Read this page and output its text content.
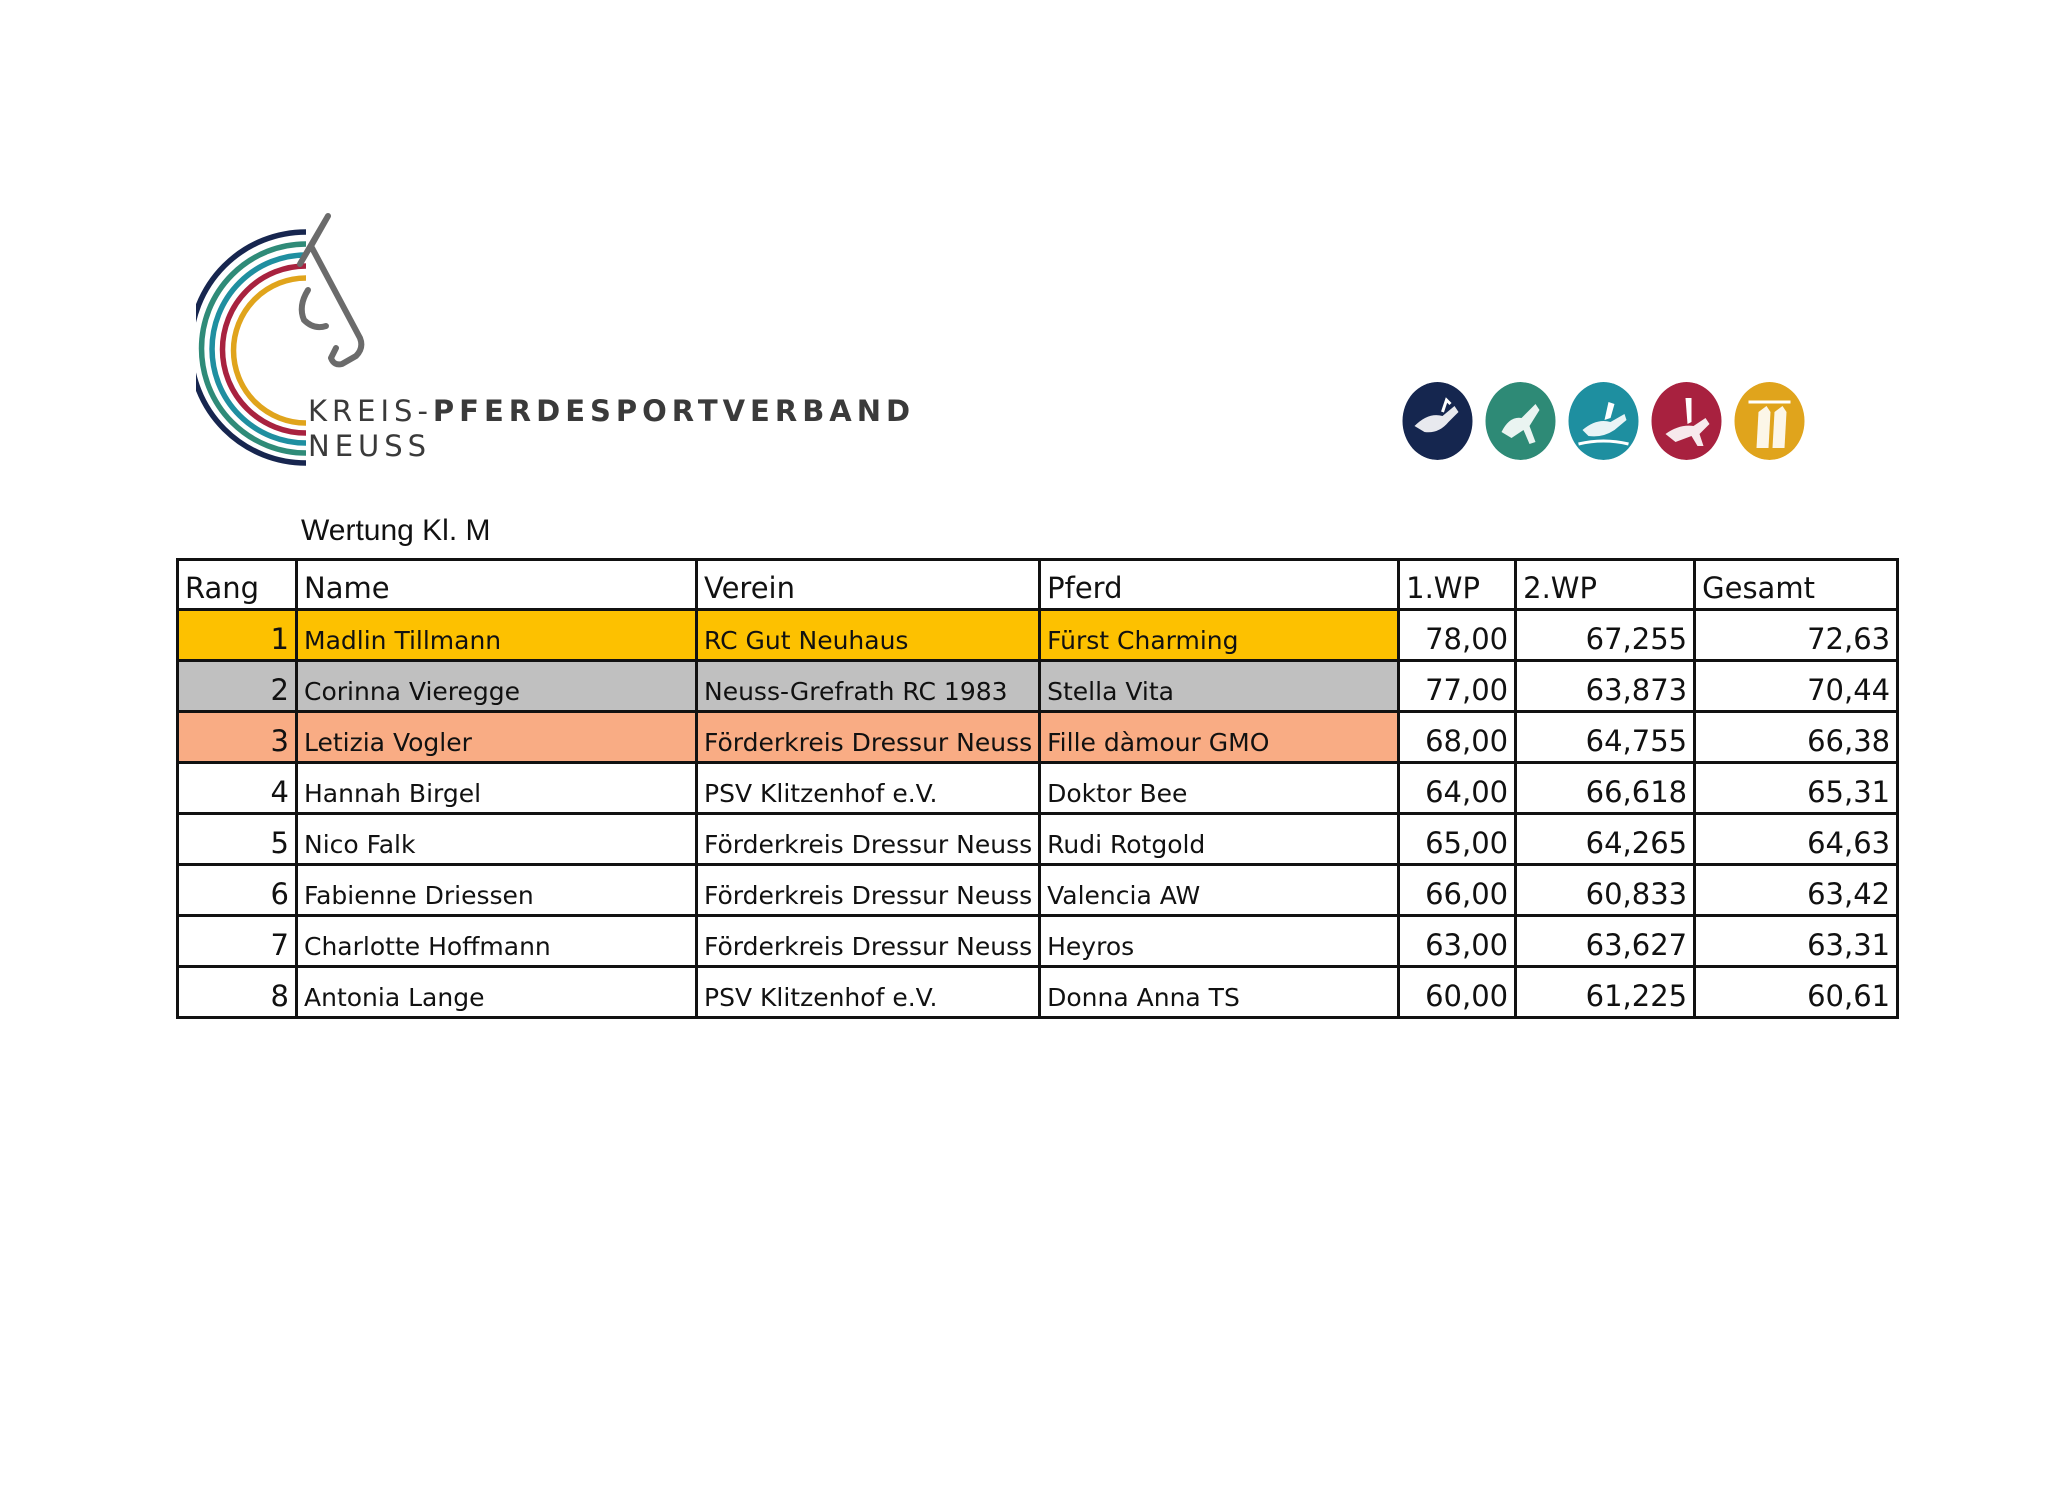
KREIS-PFERDESPORTVERBAND
NEUSS
Wertung Kl. M
Rang	Name	Verein	Pferd	1.WP	2.WP	Gesamt
1	Madlin Tillmann	RC Gut Neuhaus	Fürst Charming	78,00	67,255	72,63
2	Corinna Vieregge	Neuss-Grefrath RC 1983	Stella Vita	77,00	63,873	70,44
3	Letizia Vogler	Förderkreis Dressur Neuss	Fille dàmour GMO	68,00	64,755	66,38
4	Hannah Birgel	PSV Klitzenhof e.V.	Doktor Bee	64,00	66,618	65,31
5	Nico Falk	Förderkreis Dressur Neuss	Rudi Rotgold	65,00	64,265	64,63
6	Fabienne Driessen	Förderkreis Dressur Neuss	Valencia AW	66,00	60,833	63,42
7	Charlotte Hoffmann	Förderkreis Dressur Neuss	Heyros	63,00	63,627	63,31
8	Antonia Lange	PSV Klitzenhof e.V.	Donna Anna TS	60,00	61,225	60,61
